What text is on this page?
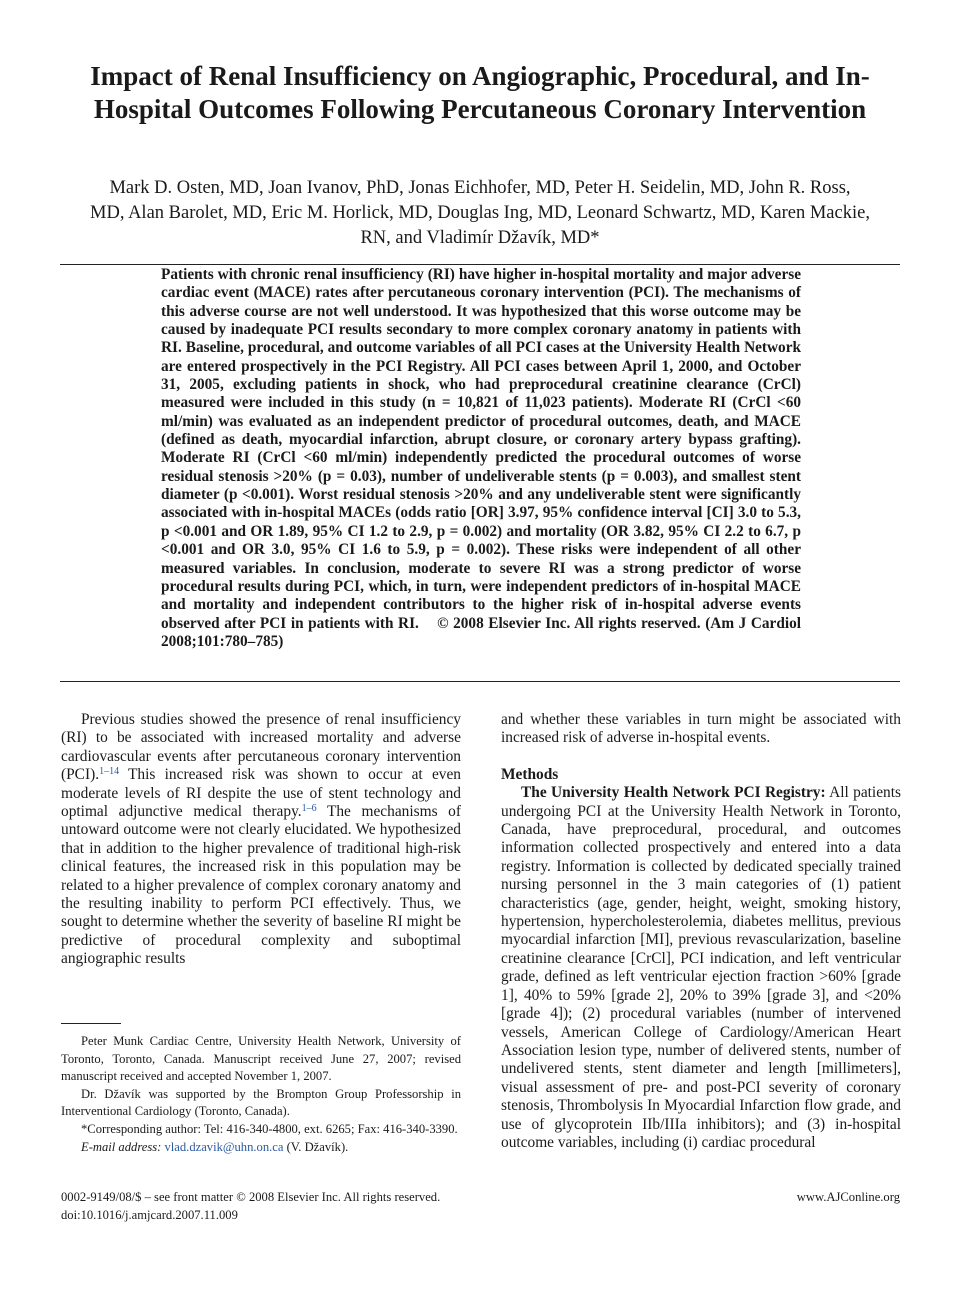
Impact of Renal Insufficiency on Angiographic, Procedural, and In-Hospital Outcomes Following Percutaneous Coronary Intervention

Mark D. Osten, MD, Joan Ivanov, PhD, Jonas Eichhofer, MD, Peter H. Seidelin, MD, John R. Ross, MD, Alan Barolet, MD, Eric M. Horlick, MD, Douglas Ing, MD, Leonard Schwartz, MD, Karen Mackie, RN, and Vladimír Džavík, MD*

Patients with chronic renal insufficiency (RI) have higher in-hospital mortality and major adverse cardiac event (MACE) rates after percutaneous coronary intervention (PCI). The mechanisms of this adverse course are not well understood. It was hypothesized that this worse outcome may be caused by inadequate PCI results secondary to more complex coronary anatomy in patients with RI. Baseline, procedural, and outcome variables of all PCI cases at the University Health Network are entered prospectively in the PCI Registry. All PCI cases between April 1, 2000, and October 31, 2005, excluding patients in shock, who had preprocedural creatinine clearance (CrCl) measured were included in this study (n = 10,821 of 11,023 patients). Moderate RI (CrCl <60 ml/min) was evaluated as an independent predictor of procedural outcomes, death, and MACE (defined as death, myocardial infarction, abrupt closure, or coronary artery bypass grafting). Moderate RI (CrCl <60 ml/min) independently predicted the procedural outcomes of worse residual stenosis >20% (p = 0.03), number of undeliverable stents (p = 0.003), and smallest stent diameter (p <0.001). Worst residual stenosis >20% and any undeliverable stent were significantly associated with in-hospital MACEs (odds ratio [OR] 3.97, 95% confidence interval [CI] 3.0 to 5.3, p <0.001 and OR 1.89, 95% CI 1.2 to 2.9, p = 0.002) and mortality (OR 3.82, 95% CI 2.2 to 6.7, p <0.001 and OR 3.0, 95% CI 1.6 to 5.9, p = 0.002). These risks were independent of all other measured variables. In conclusion, moderate to severe RI was a strong predictor of worse procedural results during PCI, which, in turn, were independent predictors of in-hospital MACE and mortality and independent contributors to the higher risk of in-hospital adverse events observed after PCI in patients with RI. © 2008 Elsevier Inc. All rights reserved. (Am J Cardiol 2008;101:780–785)

Previous studies showed the presence of renal insufficiency (RI) to be associated with increased mortality and adverse cardiovascular events after percutaneous coronary intervention (PCI).$^{1-14}$ This increased risk was shown to occur at even moderate levels of RI despite the use of stent technology and optimal adjunctive medical therapy.$^{1-6}$ The mechanisms of untoward outcome were not clearly elucidated. We hypothesized that in addition to the higher prevalence of traditional high-risk clinical features, the increased risk in this population may be related to a higher prevalence of complex coronary anatomy and the resulting inability to perform PCI effectively. Thus, we sought to determine whether the severity of baseline RI might be predictive of procedural complexity and suboptimal angiographic results

Peter Munk Cardiac Centre, University Health Network, University of Toronto, Toronto, Canada. Manuscript received June 27, 2007; revised manuscript received and accepted November 1, 2007.

Dr. Džavík was supported by the Brompton Group Professorship in Interventional Cardiology (Toronto, Canada).

*Corresponding author: Tel: 416-340-4800, ext. 6265; Fax: 416-340-3390.

E-mail address: vlad.dzavik@uhn.on.ca (V. Džavík).

and whether these variables in turn might be associated with increased risk of adverse in-hospital events.

Methods

The University Health Network PCI Registry: All patients undergoing PCI at the University Health Network in Toronto, Canada, have preprocedural, procedural, and outcomes information collected prospectively and entered into a data registry. Information is collected by dedicated specially trained nursing personnel in the 3 main categories of (1) patient characteristics (age, gender, height, weight, smoking history, hypertension, hypercholesterolemia, diabetes mellitus, previous myocardial infarction [MI], previous revascularization, baseline creatinine clearance [CrCl], PCI indication, and left ventricular grade, defined as left ventricular ejection fraction >60% [grade 1], 40% to 59% [grade 2], 20% to 39% [grade 3], and <20% [grade 4]); (2) procedural variables (number of intervened vessels, American College of Cardiology/American Heart Association lesion type, number of delivered stents, number of undelivered stents, stent diameter and length [millimeters], visual assessment of pre- and post-PCI severity of coronary stenosis, Thrombolysis In Myocardial Infarction flow grade, and use of glycoprotein IIb/IIIa inhibitors); and (3) in-hospital outcome variables, including (i) cardiac procedural

0002-9149/08/$ – see front matter © 2008 Elsevier Inc. All rights reserved.
doi:10.1016/j.amjcard.2007.11.009
www.AJConline.org
